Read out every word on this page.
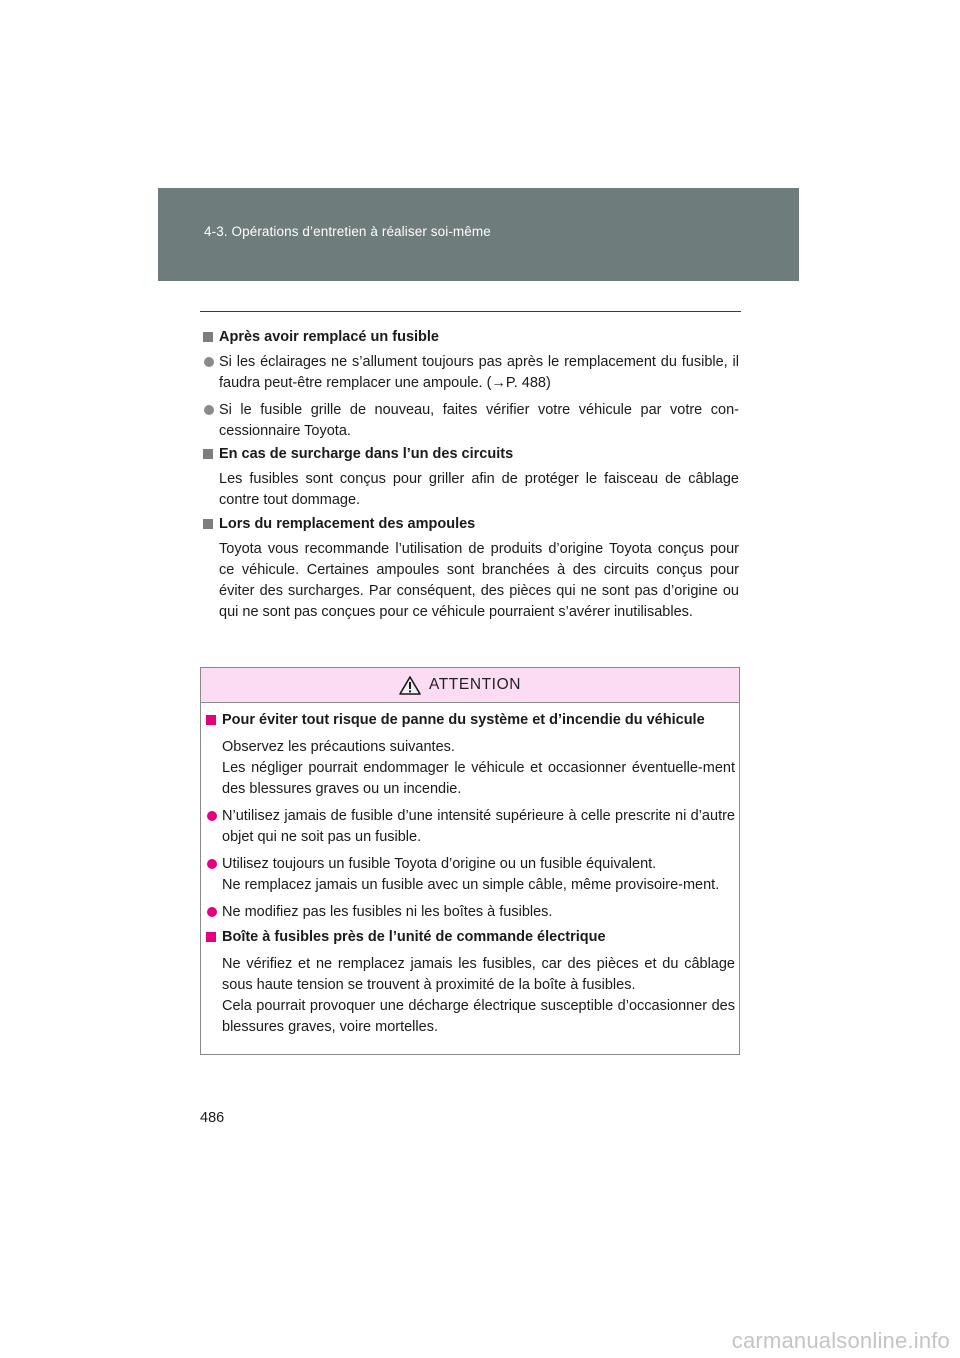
4-3. Opérations d’entretien à réaliser soi-même
Après avoir remplacé un fusible
Si les éclairages ne s’allument toujours pas après le remplacement du fusible, il faudra peut-être remplacer une ampoule. (→P. 488)
Si le fusible grille de nouveau, faites vérifier votre véhicule par votre con-cessionnaire Toyota.
En cas de surcharge dans l’un des circuits
Les fusibles sont conçus pour griller afin de protéger le faisceau de câblage contre tout dommage.
Lors du remplacement des ampoules
Toyota vous recommande l’utilisation de produits d’origine Toyota conçus pour ce véhicule. Certaines ampoules sont branchées à des circuits conçus pour éviter des surcharges. Par conséquent, des pièces qui ne sont pas d’origine ou qui ne sont pas conçues pour ce véhicule pourraient s’avérer inutilisables.
ATTENTION
Pour éviter tout risque de panne du système et d’incendie du véhicule
Observez les précautions suivantes.
Les négliger pourrait endommager le véhicule et occasionner éventuelle-ment des blessures graves ou un incendie.
N’utilisez jamais de fusible d’une intensité supérieure à celle prescrite ni d’autre objet qui ne soit pas un fusible.
Utilisez toujours un fusible Toyota d’origine ou un fusible équivalent.
Ne remplacez jamais un fusible avec un simple câble, même provisoire-ment.
Ne modifiez pas les fusibles ni les boîtes à fusibles.
Boîte à fusibles près de l’unité de commande électrique
Ne vérifiez et ne remplacez jamais les fusibles, car des pièces et du câblage sous haute tension se trouvent à proximité de la boîte à fusibles.
Cela pourrait provoquer une décharge électrique susceptible d’occasionner des blessures graves, voire mortelles.
486
carmanualsonline.info
